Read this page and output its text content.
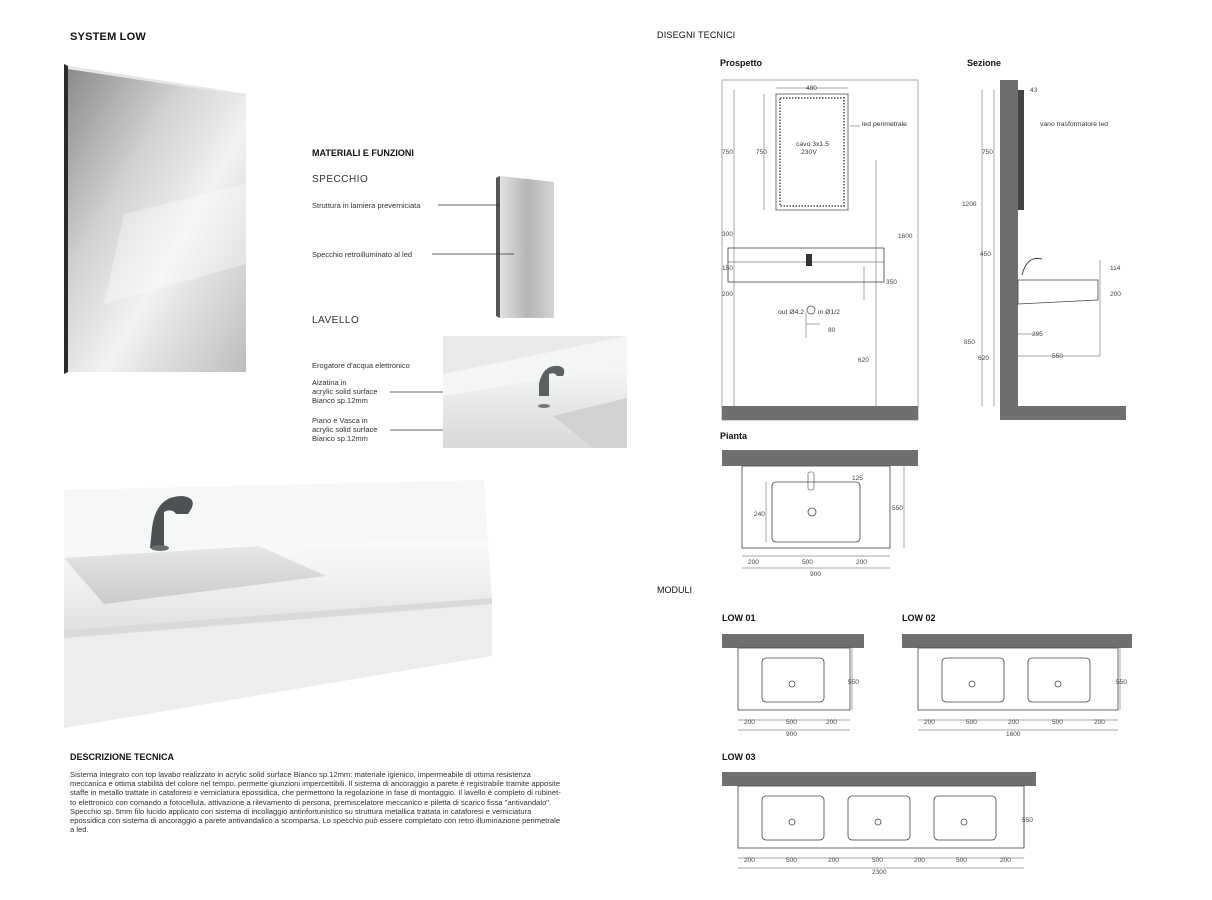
SYSTEM LOW
MATERIALI E FUNZIONI
SPECCHIO
Struttura in lamiera preverniciata
Specchio retroilluminato al led
LAVELLO
Erogatore d'acqua elettronico
Alzatina in
acrylic solid surface
Bianco sp.12mm
Piano e Vasca in
acrylic solid surface
Bianco sp.12mm
DESCRIZIONE TECNICA
Sistema integrato con top lavabo realizzato in acrylic solid surface Bianco sp.12mm: materiale igienico, impermeabile di ottima resistenza
meccanica e ottima stabilità del colore nel tempo, permette giunzioni impercettibili. Il sistema di ancoraggio a parete è registrabile tramite apposite
staffe in metallo trattate in cataforesi e verniciatura epossidica, che permettono la regolazione in fase di montaggio. Il lavello è completo di rubinet-
to elettronico con comando a fotocellula, attivazione a rilevamento di persona, premiscelatore meccanico e piletta di scarico fissa "antivandalo".
Specchio sp. 5mm filo lucido applicato con sistema di incollaggio antinfortunistico su struttura metallica trattata in cataforesi e verniciatura
epossidica con sistema di ancoraggio a parete antivandalico a scomparsa. Lo specchio può essere completato con retro illuminazione perimetrale
a led.
DISEGNI TECNICI
Prospetto	Sezione
Pianta
MODULI
LOW 01	LOW 02
LOW 03
480
750	750
300
150
200
1600
350
620
80
led perimetrale
cavo 3x1.5
230V
out Ø4.2 in Ø1/2
43
750
1200
450
850
620
114
200
295
550
vano trasformatore led
125
240
550
200	500	200
900
200	500	200
900
550
200	500	200	500	200
1600
550
200	500	200	500	200	500	200
2300
550
